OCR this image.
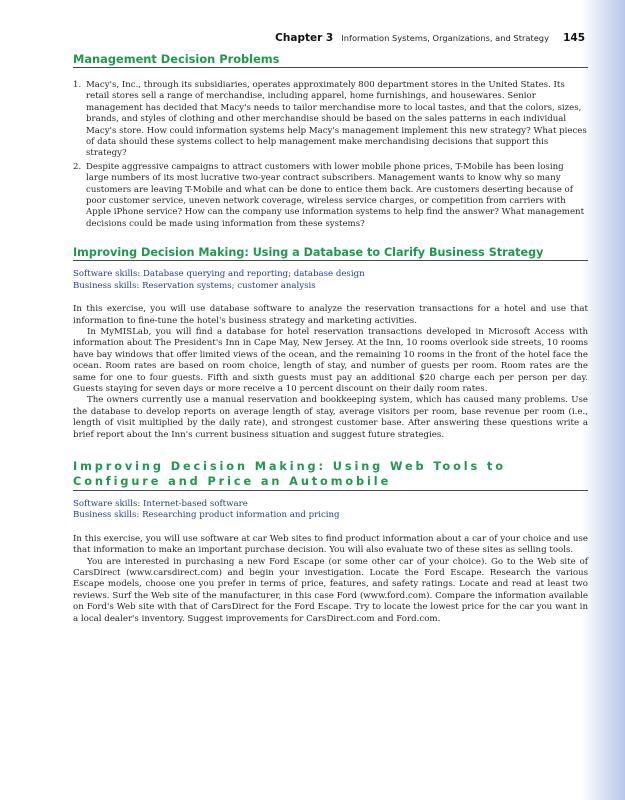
Chapter 3 Information Systems, Organizations, and Strategy 145
Management Decision Problems
1. Macy's, Inc., through its subsidiaries, operates approximately 800 department stores in the United States. Its retail stores sell a range of merchandise, including apparel, home furnishings, and housewares. Senior management has decided that Macy's needs to tailor merchandise more to local tastes, and that the colors, sizes, brands, and styles of clothing and other merchandise should be based on the sales patterns in each individual Macy's store. How could information systems help Macy's management implement this new strategy? What pieces of data should these systems collect to help management make merchandising decisions that support this strategy?
2. Despite aggressive campaigns to attract customers with lower mobile phone prices, T-Mobile has been losing large numbers of its most lucrative two-year contract subscribers. Management wants to know why so many customers are leaving T-Mobile and what can be done to entice them back. Are customers deserting because of poor customer service, uneven network coverage, wireless service charges, or competition from carriers with Apple iPhone service? How can the company use information systems to help find the answer? What management decisions could be made using information from these systems?
Improving Decision Making: Using a Database to Clarify Business Strategy
Software skills: Database querying and reporting; database design
Business skills: Reservation systems; customer analysis

In this exercise, you will use database software to analyze the reservation transactions for a hotel and use that information to fine-tune the hotel's business strategy and marketing activities.

In MyMISLab, you will find a database for hotel reservation transactions developed in Microsoft Access with information about The President's Inn in Cape May, New Jersey. At the Inn, 10 rooms overlook side streets, 10 rooms have bay windows that offer limited views of the ocean, and the remaining 10 rooms in the front of the hotel face the ocean. Room rates are based on room choice, length of stay, and number of guests per room. Room rates are the same for one to four guests. Fifth and sixth guests must pay an additional $20 charge each per person per day. Guests staying for seven days or more receive a 10 percent discount on their daily room rates.

The owners currently use a manual reservation and bookkeeping system, which has caused many problems. Use the database to develop reports on average length of stay, average visitors per room, base revenue per room (i.e., length of visit multiplied by the daily rate), and strongest customer base. After answering these questions write a brief report about the Inn's current business situation and suggest future strategies.

Improving Decision Making: Using Web Tools to Configure and Price an Automobile
Software skills: Internet-based software
Business skills: Researching product information and pricing

In this exercise, you will use software at car Web sites to find product information about a car of your choice and use that information to make an important purchase decision. You will also evaluate two of these sites as selling tools.

You are interested in purchasing a new Ford Escape (or some other car of your choice). Go to the Web site of CarsDirect (www.carsdirect.com) and begin your investigation. Locate the Ford Escape. Research the various Escape models, choose one you prefer in terms of price, features, and safety ratings. Locate and read at least two reviews. Surf the Web site of the manufacturer, in this case Ford (www.ford.com). Compare the information available on Ford's Web site with that of CarsDirect for the Ford Escape. Try to locate the lowest price for the car you want in a local dealer's inventory. Suggest improvements for CarsDirect.com and Ford.com.
